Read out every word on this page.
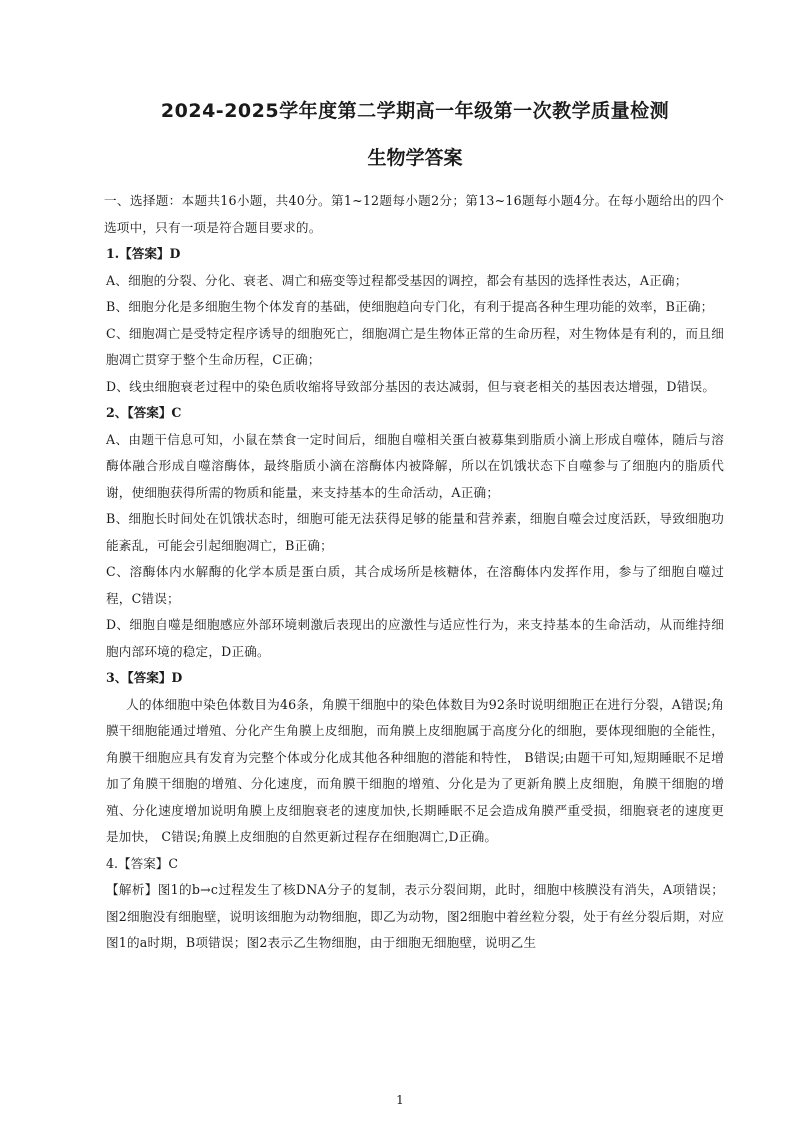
2024-2025学年度第二学期高一年级第一次教学质量检测
生物学答案

一、选择题：本题共16小题，共40分。第1~12题每小题2分；第13~16题每小题4分。在每小题给出的四个选项中，只有一项是符合题目要求的。

1.【答案】D

A、细胞的分裂、分化、衰老、凋亡和癌变等过程都受基因的调控，都会有基因的选择性表达，A正确；

B、细胞分化是多细胞生物个体发育的基础，使细胞趋向专门化，有利于提高各种生理功能的效率，B正确；

C、细胞凋亡是受特定程序诱导的细胞死亡，细胞凋亡是生物体正常的生命历程，对生物体是有利的，而且细胞凋亡贯穿于整个生命历程，C正确；

D、线虫细胞衰老过程中的染色质收缩将导致部分基因的表达减弱，但与衰老相关的基因表达增强，D错误。

2、【答案】C

A、由题干信息可知，小鼠在禁食一定时间后，细胞自噬相关蛋白被募集到脂质小滴上形成自噬体，随后与溶酶体融合形成自噬溶酶体，最终脂质小滴在溶酶体内被降解，所以在饥饿状态下自噬参与了细胞内的脂质代谢，使细胞获得所需的物质和能量，来支持基本的生命活动，A正确；

B、细胞长时间处在饥饿状态时，细胞可能无法获得足够的能量和营养素，细胞自噬会过度活跃，导致细胞功能紊乱，可能会引起细胞凋亡，B正确；

C、溶酶体内水解酶的化学本质是蛋白质，其合成场所是核糖体，在溶酶体内发挥作用，参与了细胞自噬过程，C错误；

D、细胞自噬是细胞感应外部环境刺激后表现出的应激性与适应性行为，来支持基本的生命活动，从而维持细胞内部环境的稳定，D正确。

3、【答案】D

人的体细胞中染色体数目为46条，角膜干细胞中的染色体数目为92条时说明细胞正在进行分裂，A错误;角膜干细胞能通过增殖、分化产生角膜上皮细胞，而角膜上皮细胞属于高度分化的细胞，要体现细胞的全能性，角膜干细胞应具有发育为完整个体或分化成其他各种细胞的潜能和特性， B错误;由题干可知,短期睡眠不足增加了角膜干细胞的增殖、分化速度，而角膜干细胞的增殖、分化是为了更新角膜上皮细胞，角膜干细胞的增殖、分化速度增加说明角膜上皮细胞衰老的速度加快,长期睡眠不足会造成角膜严重受损，细胞衰老的速度更是加快， C错误;角膜上皮细胞的自然更新过程存在细胞凋亡,D正确。

4.【答案】C

【解析】图1的b→c过程发生了核DNA分子的复制，表示分裂间期，此时，细胞中核膜没有消失，A项错误；图2细胞没有细胞壁，说明该细胞为动物细胞，即乙为动物，图2细胞中着丝粒分裂，处于有丝分裂后期，对应图1的a时期，B项错误；图2表示乙生物细胞，由于细胞无细胞壁，说明乙生

1
